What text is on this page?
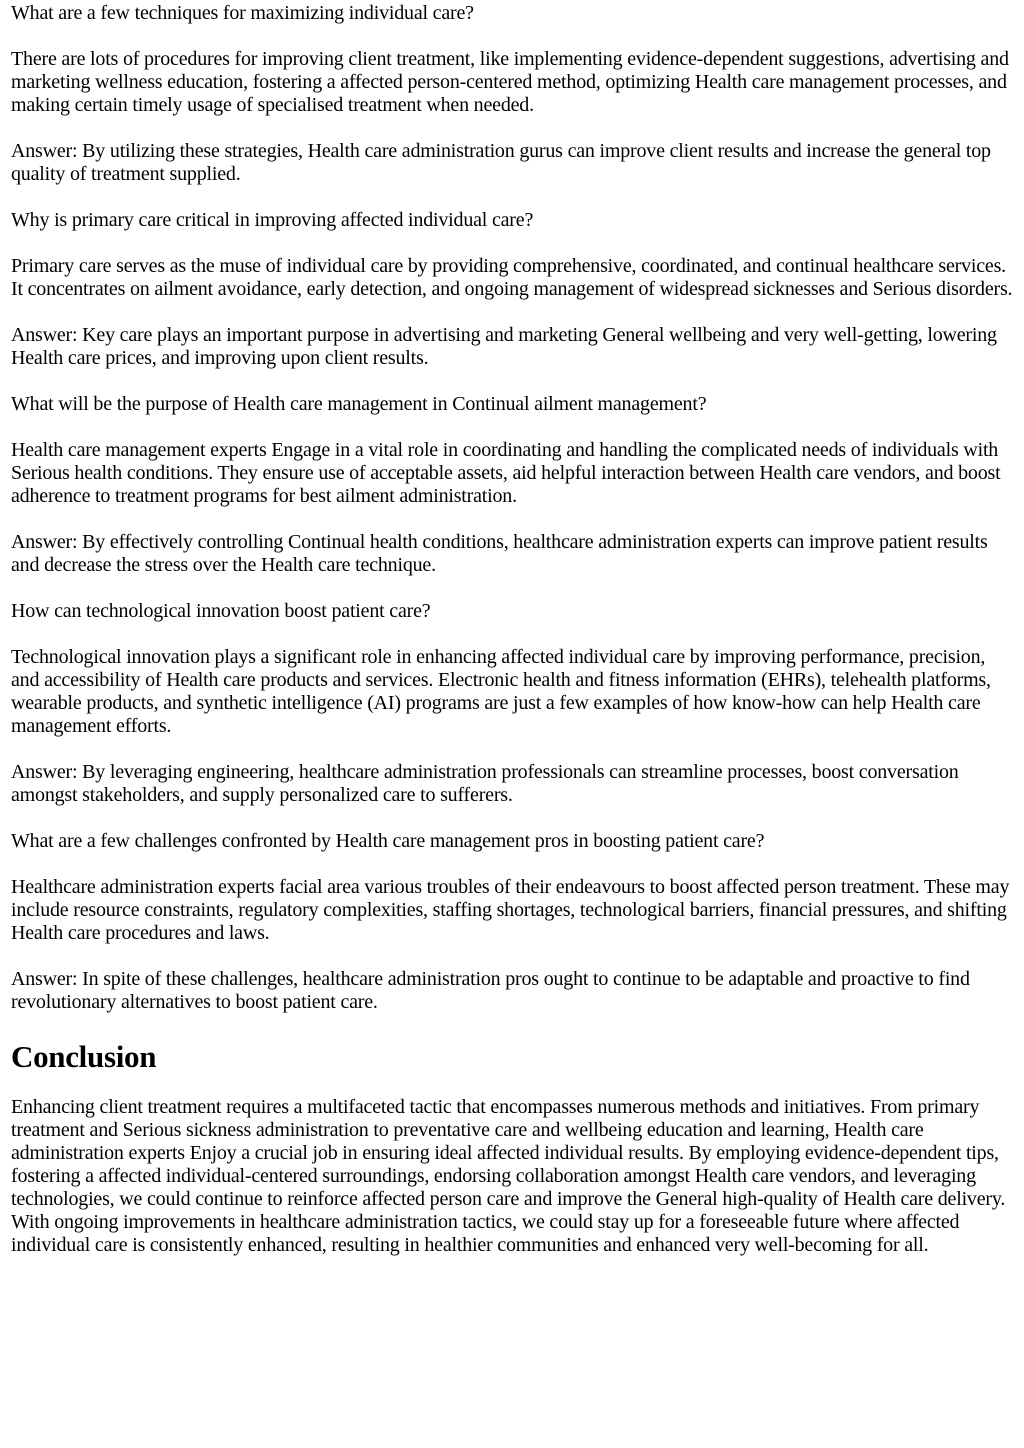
What are a few techniques for maximizing individual care?

There are lots of procedures for improving client treatment, like implementing evidence-dependent suggestions, advertising and marketing wellness education, fostering a affected person-centered method, optimizing Health care management processes, and making certain timely usage of specialised treatment when needed.

Answer: By utilizing these strategies, Health care administration gurus can improve client results and increase the general top quality of treatment supplied.

Why is primary care critical in improving affected individual care?

Primary care serves as the muse of individual care by providing comprehensive, coordinated, and continual healthcare services. It concentrates on ailment avoidance, early detection, and ongoing management of widespread sicknesses and Serious disorders.

Answer: Key care plays an important purpose in advertising and marketing General wellbeing and very well-getting, lowering Health care prices, and improving upon client results.

What will be the purpose of Health care management in Continual ailment management?

Health care management experts Engage in a vital role in coordinating and handling the complicated needs of individuals with Serious health conditions. They ensure use of acceptable assets, aid helpful interaction between Health care vendors, and boost adherence to treatment programs for best ailment administration.

Answer: By effectively controlling Continual health conditions, healthcare administration experts can improve patient results and decrease the stress over the Health care technique.

How can technological innovation boost patient care?

Technological innovation plays a significant role in enhancing affected individual care by improving performance, precision, and accessibility of Health care products and services. Electronic health and fitness information (EHRs), telehealth platforms, wearable products, and synthetic intelligence (AI) programs are just a few examples of how know-how can help Health care management efforts.

Answer: By leveraging engineering, healthcare administration professionals can streamline processes, boost conversation amongst stakeholders, and supply personalized care to sufferers.

What are a few challenges confronted by Health care management pros in boosting patient care?

Healthcare administration experts facial area various troubles of their endeavours to boost affected person treatment. These may include resource constraints, regulatory complexities, staffing shortages, technological barriers, financial pressures, and shifting Health care procedures and laws.

Answer: In spite of these challenges, healthcare administration pros ought to continue to be adaptable and proactive to find revolutionary alternatives to boost patient care.

Conclusion

Enhancing client treatment requires a multifaceted tactic that encompasses numerous methods and initiatives. From primary treatment and Serious sickness administration to preventative care and wellbeing education and learning, Health care administration experts Enjoy a crucial job in ensuring ideal affected individual results. By employing evidence-dependent tips, fostering a affected individual-centered surroundings, endorsing collaboration amongst Health care vendors, and leveraging technologies, we could continue to reinforce affected person care and improve the General high-quality of Health care delivery. With ongoing improvements in healthcare administration tactics, we could stay up for a foreseeable future where affected individual care is consistently enhanced, resulting in healthier communities and enhanced very well-becoming for all.
